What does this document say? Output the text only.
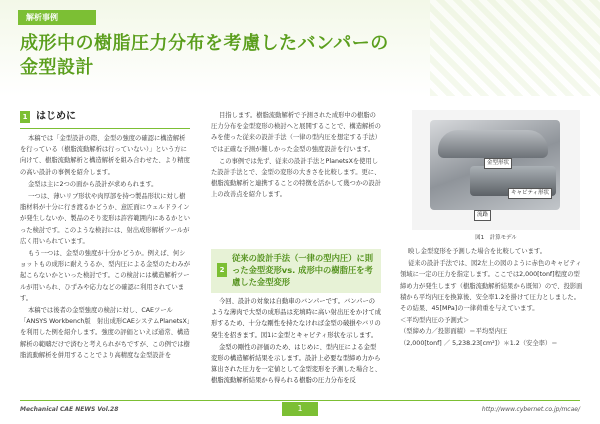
解析事例
成形中の樹脂圧力分布を考慮したバンパーの
金型設計
1 はじめに

本稿では「金型設計の際、金型の強度の確認に構造解析を行っている（樹脂流動解析は行っていない）」という方に向けて、樹脂流動解析と構造解析を組み合わせた、より精度の高い設計の事例を紹介します。

金型は主に2つの面から設計が求められます。

一つは、薄いリブ形状や肉厚部を持つ製品形状に対し樹脂材料が十分に行き渡るかどうか、意匠面にウェルドラインが発生しないか、製品のそり変形は許容範囲内にあるかといった検討です。このような検討には、射出成形解析ツールが広く用いられています。

もう一つは、金型の強度が十分かどうか。例えば、何ショットもの成形に耐えうるか、型内圧による金型のたわみが起こらないかといった検討です。この検討には構造解析ツールが用いられ、ひずみや応力などの確認に利用されています。

本稿では後者の金型強度の検討に対し、CAEツール「ANSYS Workbench版　射出成形CAEシステムPlanetsX」を利用した例を紹介します。強度の評価といえば通常、構造解析の範疇だけで済むと考えられがちですが、この例では樹脂流動解析を併用することでより高精度な金型設計を

目指します。樹脂流動解析で予測された成形中の樹脂の圧力分布を金型変形の検討へと展開することで、構造解析のみを使った従来の設計手法（一律の型内圧を想定する手法）では正確な予測が難しかった金型の強度設計を行います。

この事例では先ず、従来の設計手法とPlanetsXを使用した設計手法とで、金型の変形の大きさを比較します。更に、樹脂流動解析と連携することの特徴を活かして幾つかの設計上の改善点を紹介します。

2
従来の設計手法（一律の型内圧）に則った金型変形vs. 成形中の樹脂圧を考慮した金型変形

今回、設計の対象は自動車のバンパーです。バンパーのような薄肉で大型の成形品は充填時に高い射出圧をかけて成形するため、十分な剛性を持たなければ金型の破損やバリの発生を招きます。図1に金型とキャビティ形状を示します。

金型の剛性の評価のため、はじめに、型内圧による金型変形の構造解析結果を示します。設計上必要な型締め力から算出された圧力を一定値として金型変形を予測した場合と、樹脂流動解析結果から得られる樹脂の圧力分布を反

金型形状
キャビティ形状
流路
図1　計算モデル

映し金型変形を予測した場合を比較しています。

従来の設計手法では、図2左上の図のように赤色のキャビティ領域に一定の圧力を指定します。ここでは2,000[tonf]程度の型締め力が発生します（樹脂流動解析結果から既知）ので、投影面積から平均内圧を換算後、安全率1.2を掛けて圧力としました。その結果、45[MPa]の一律荷重を与えています。

＜平均型内圧の予測式＞

（型締め力／投影面積）＝平均型内圧

（2,000[tonf] ／ 5,238.23[cm²]）＊1.2（安全率）＝

Mechanical CAE NEWS Vol.28	1	http://www.cybernet.co.jp/mcae/
